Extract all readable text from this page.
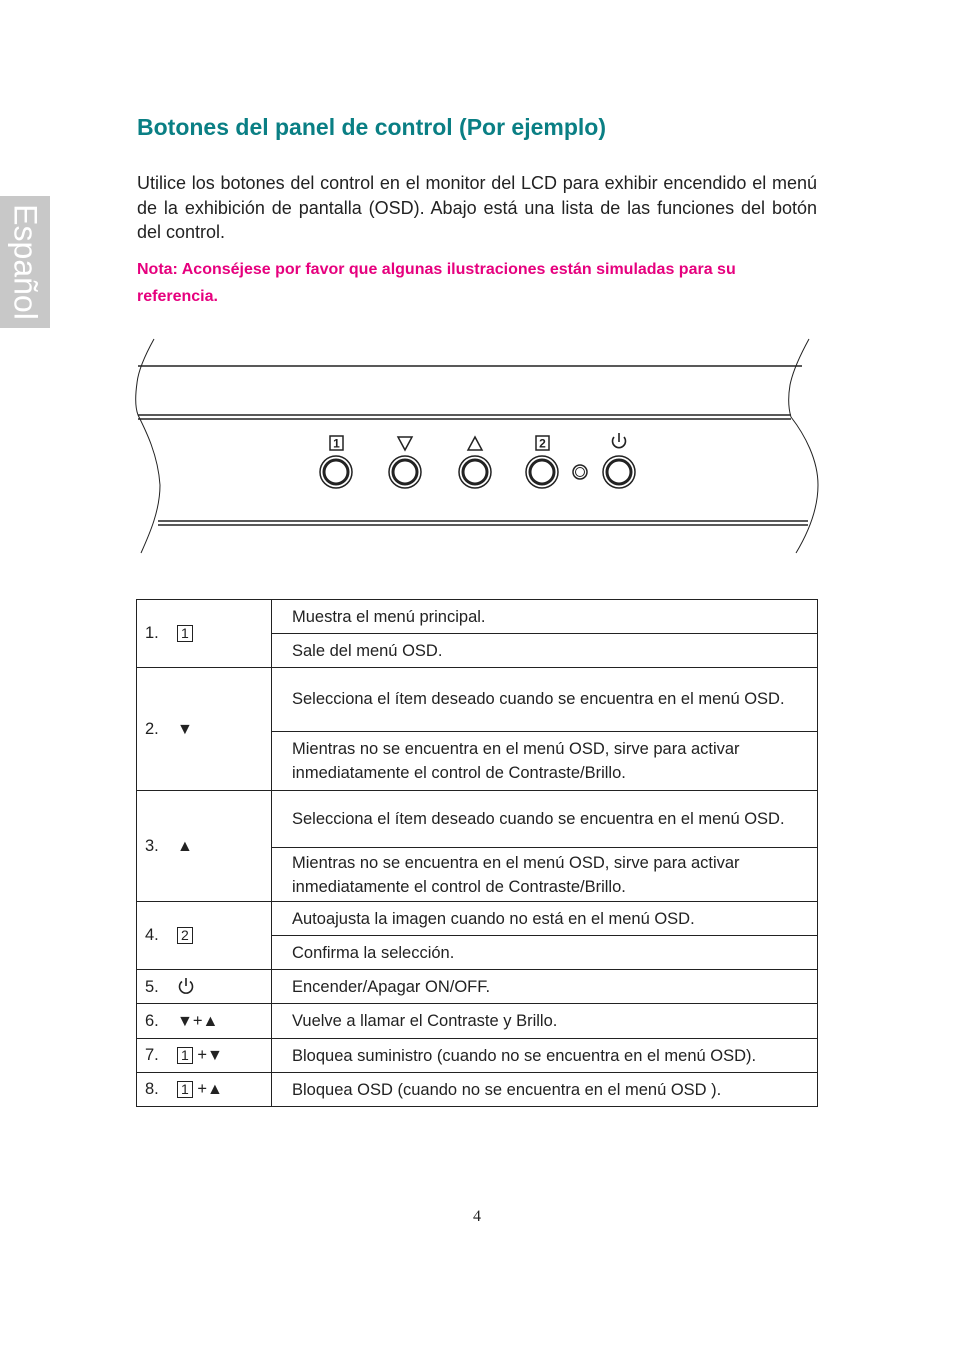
Español
Botones del panel de control (Por ejemplo)

Utilice los botones del control en el monitor del LCD para exhibir encendido el menú de la exhibición de pantalla (OSD). Abajo está una lista de las funciones del botón del control.

Nota: Aconséjese por favor que algunas ilustraciones están simuladas para su referencia.

1	2
1. 1	Muestra el menú principal.
	Sale del menú OSD.
2. ▼	Selecciona el ítem deseado cuando se encuentra en el menú OSD.
	Mientras no se encuentra en el menú OSD, sirve para activar inmediatamente el control de Contraste/Brillo.
3. ▲	Selecciona el ítem deseado cuando se encuentra en el menú OSD.
	Mientras no se encuentra en el menú OSD, sirve para activar inmediatamente el control de Contraste/Brillo.
4. 2	Autoajusta la imagen cuando no está en el menú OSD.
	Confirma la selección.
5.	Encender/Apagar ON/OFF.
6. ▼+▲	Vuelve a llamar el Contraste y Brillo.
7. 1 +▼	Bloquea suministro (cuando no se encuentra en el menú OSD).
8. 1 +▲	Bloquea OSD (cuando no se encuentra en el menú OSD ).
4
